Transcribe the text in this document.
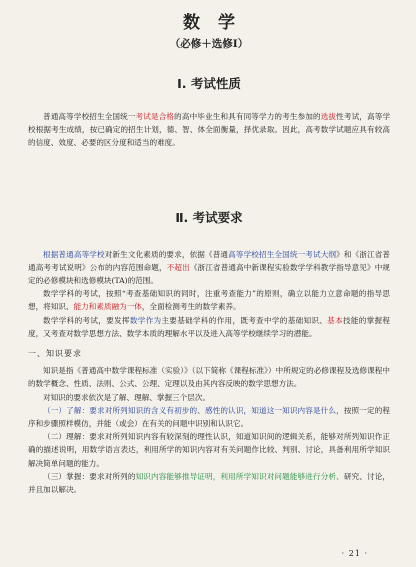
数学
（必修＋选修Ⅰ）
Ⅰ. 考试性质

普通高等学校招生全国统一考试是合格的高中毕业生和具有同等学力的考生参加的选拔性考试，高等学校根据考生成绩，按已确定的招生计划，德、智、体全面衡量，择优录取。因此，高考数学试题应具有较高的信度、效度、必要的区分度和适当的难度。

Ⅱ. 考试要求

根据普通高等学校对新生文化素质的要求，依据《普通高等学校招生全国统一考试大纲》和《浙江省普通高考考试说明》公布的内容范围命题，不超出《浙江省普通高中新课程实验数学学科教学指导意见》中规定的必修模块和选修模块(TA)的范围。

数学学科的考试，按照“考查基础知识的同时，注重考查能力”的原则，确立以能力立意命题的指导思想，将知识、能力和素质融为一体，全面检测考生的数学素养。

数学学科的考试，要发挥数学作为主要基础学科的作用，既考查中学的基础知识、基本技能的掌握程度，又考查对数学思想方法、数学本质的理解水平以及进入高等学校继续学习的潜能。

一、知识要求

知识是指《普通高中数学课程标准（实验）》（以下简称《课程标准》）中所规定的必修课程及选修课程中的数学概念、性质、法则、公式、公理、定理以及由其内容反映的数学思想方法。

对知识的要求依次是了解、理解、掌握三个层次。

（一）了解：要求对所列知识的含义有初步的、感性的认识，知道这一知识内容是什么，按照一定的程序和步骤照样模仿，并能（或会）在有关的问题中识别和认识它。

（二）理解：要求对所列知识内容有较深刻的理性认识，知道知识间的逻辑关系，能够对所列知识作正确的描述说明，用数学语言表达，利用所学的知识内容对有关问题作比较、判别、讨论，具备利用所学知识解决简单问题的能力。

（三）掌握：要求对所列的知识内容能够推导证明，利用所学知识对问题能够进行分析、研究、讨论，并且加以解决。

· 21 ·
